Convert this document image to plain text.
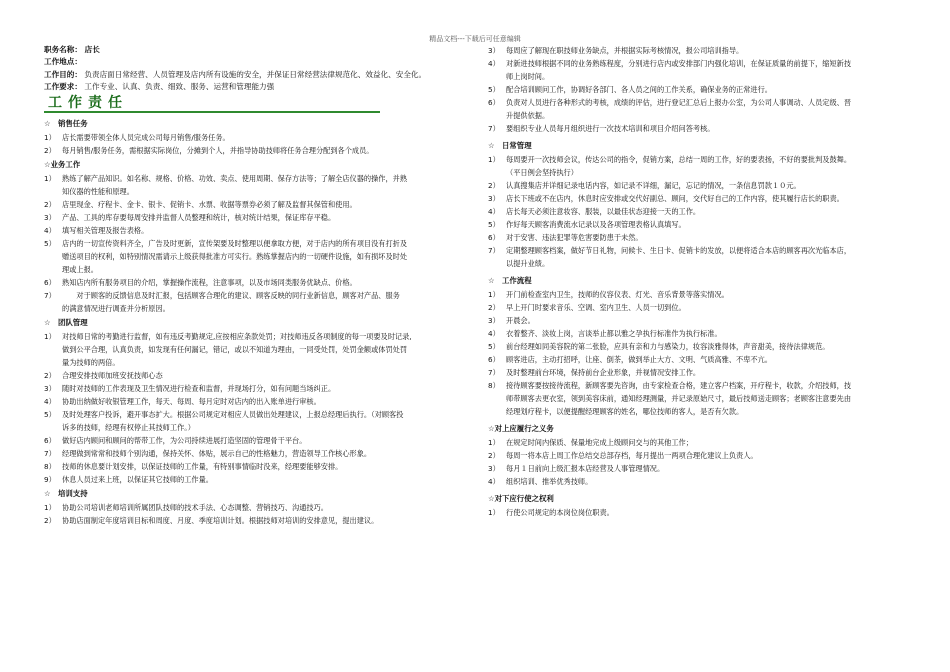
精品文档---下载后可任意编辑
职务名称： 店长
工作地点：
工作目的： 负责店面日常经营、人员管理及店内所有设施的安全，并保证日常经营法律规范化、效益化、安全化。
工作要求： 工作专业、认真、负责、细致、服务、运营和管理能力强
工作责任
☆　销售任务
1） 店长需要带领全体人员完成公司每月销售/服务任务。
2） 每月销售/服务任务，需根据实际岗位，分摊到个人，并指导协助技师将任务合理分配到各个成员。
☆业务工作
1） 熟练了解产品知识。如名称、规格、价格、功效、卖点、使用周期、保存方法等；了解全店仪器的操作，并熟
知仪器的性能和原理。
2） 店里现金、疗程卡、金卡、银卡、促销卡、水票、收据等票券必须了解及监督其保管和使用。
3） 产品、工具的库存要每周安排并监督人员整理和统计，核对统计结果，保证库存平稳。
4） 填写相关管理及报告表格。
5） 店内的一切宣传资料齐全，广告及时更新，宣传架要及时整理以便拿取方便，对于店内的所有项目没有打折及
赠送项目的权利，如特别情况需请示上级获得批准方可实行。熟练掌握店内的一切硬件设施，如有损坏及时处
理或上报。
6） 熟知店内所有服务项目的介绍，掌握操作流程，注意事项，以及市场同类服务优缺点、价格。
7） 　　对于顾客的反馈信息及时汇报，包括顾客合理化的建议、顾客反映的同行业新信息，顾客对产品、服务
的满意情况进行调查并分析原因。
☆　团队管理
1） 对技师日常的考勤进行监督，如有违反考勤规定,应按相应条款处罚；对技师违反各项制度的每一项要及时记录,
做到公平合理，认真负责，如发现有任何漏记，错记，或以不知道为理由，一同受处罚，处罚金额或体罚处罚
量为技师的两倍。
2） 合理安排技师加班安抚技师心态
3） 随时对技师的工作表现及卫生情况进行检查和监督，并现场打分，如有问题当场纠正。
4） 协助出纳做好收银管理工作，每天、每周、每月定时对店内的出入账单进行审核。
5） 及时处理客户投诉，避开事态扩大。根据公司规定对相应人员做出处理建议，上报总经理后执行。（对顾客投
诉多的技师，经理有权停止其技师工作。）
6） 做好店内顾问和顾问的帮带工作，为公司持续进展打造坚固的管理骨干平台。
7） 经理做到常常和技师个别沟通，保持关怀、体贴，展示自己的性格魅力，营造领导工作核心形象。
8） 技师的休息要计划安排，以保证技师的工作量，有特别事情临时没来，经理要能够安排。
9） 休息人员过来上班，以保证其它技师的工作量。
☆　培训支持
1） 协助公司培训老师培训所属团队技师的技术手法、心态调整、营销技巧、沟通技巧。
2） 协助店面制定年度培训目标和周度、月度、季度培训计划。根据技师对培训的安排意见，提出建议。
3） 每周应了解现在职技师业务缺点，并根据实际考核情况，报公司培训指导。
4） 对新进技师根据不同的业务熟练程度，分别进行店内或安排部门内强化培训，在保证质量的前提下，缩短新技
师上岗时间。
5） 配合培训顾问工作，协调好各部门、各人员之间的工作关系，确保业务的正常进行。
6） 负责对人员进行各种形式的考核，成绩的评估，进行登记汇总后上报办公室，为公司人事调动、人员定级、晋
升提供依据。
7） 要组织专业人员每月组织进行一次技术培训和项目介绍问答考核。
☆　日常管理
1） 每周要开一次技师会议，传达公司的指令，促销方案，总结一周的工作，好的要表扬，不好的要批判及鼓舞。
（平日例会坚持执行）
2） 认真搜集店并详细记录电话内容，如记录不详细，漏记，忘记的情况，一条信息罚款１０元。
3） 店长下班或不在店内，休息时应安排或交代好副总、顾问，交代好自己的工作内容，使其履行店长的职责。
4） 店长每天必须注意妆容、服装，以最佳状态迎接一天的工作。
5） 作好每天顾客消费流水记录以及各项管理表格认真填写。
6） 对于安害、违法犯罪等危害要防患于未然。
7） 定期整理顾客档案，做好节日礼物，问候卡、生日卡、促销卡的发放，以便将适合本店的顾客再次光临本店，
以提升业绩。
☆　工作流程
1） 开门前检查室内卫生，技师的仪容仪表、灯光、音乐背景等落实情况。
2） 早上开门时要求音乐、空调、室内卫生、人员一切到位。
3） 开晨会。
4） 衣着整齐、淡妆上岗，言谈举止都以雅之孕执行标准作为执行标准。
5） 前台经理如同美容院的第二张脸，应具有亲和力与感染力，妆容淡雅得体，声音甜美，接待法律规范。
6） 顾客进店，主动打招呼，让座、倒茶，做到举止大方、文明、气质高雅、不卑不亢。
7） 及时整理前台环境，保持前台企业形象，并视情况安排工作。
8） 接待顾客要按接待流程，新顾客要先咨询，由专家检查合格，建立客户档案，开疗程卡，收款，介绍技师，技
师带顾客去更衣室，领到美容床前，通知经理测量，并记录原始尺寸，最后技师送走顾客；老顾客注意要先由
经理划疗程卡，以便提醒经理顾客的姓名，哪位技师的客人，是否有欠款。
☆对上应履行之义务
1） 在规定时间内保质、保量地完成上级顾问交与的其他工作；
2） 每周一将本店上周工作总结交总部存档，每月提出一两项合理化建议上负责人。
3） 每月１日前向上级汇报本店经营及人事管理情况。
4） 组织培训、推举优秀技师。
☆对下应行使之权利
1） 行使公司规定的本岗位岗位职责。
